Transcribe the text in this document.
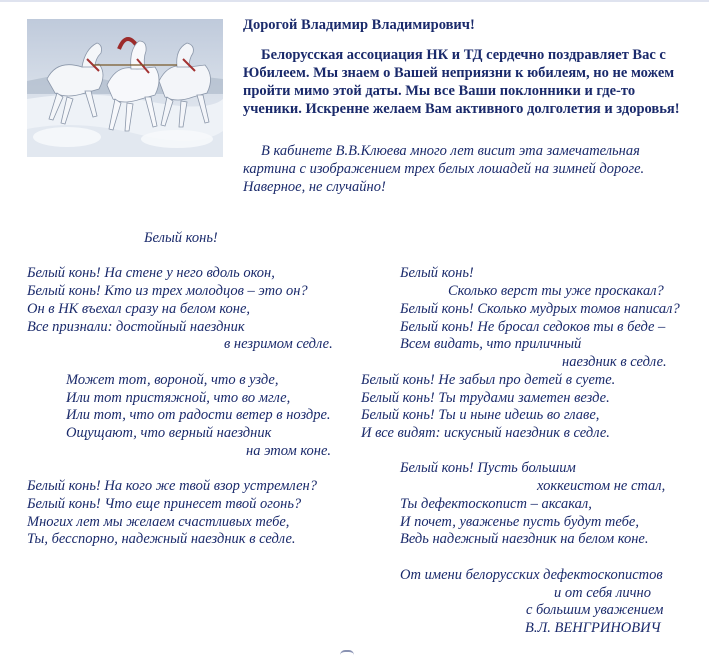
Дорогой Владимир Владимирович!

Белорусская ассоциация НК и ТД сердечно поздравляет Вас с Юбилеем. Мы знаем о Вашей неприязни к юбилеям, но не можем пройти мимо этой даты. Мы все Ваши поклонники и где-то ученики. Искренне желаем Вам активного долголетия и здоровья!

В кабинете В.В.Клюева много лет висит эта замечательная картина с изображением трех белых лошадей на зимней дороге. Наверное, не случайно!

Белый конь!
Белый конь! На стене у него вдоль окон,
Белый конь! Кто из трех молодцов – это он?
Он в НК въехал сразу на белом коне,
Все признали: достойный наездник
в незримом седле.
Может тот, вороной, что в узде,
Или тот пристяжной, что во мгле,
Или тот, что от радости ветер в ноздре.
Ощущают, что верный наездник
на этом коне.
Белый конь! На кого же твой взор устремлен?
Белый конь! Что еще принесет твой огонь?
Многих лет мы желаем счастливых тебе,
Ты, бесспорно, надежный наездник в седле.
Белый конь!
Сколько верст ты уже проскакал?
Белый конь! Сколько мудрых томов написал?
Белый конь! Не бросал седоков ты в беде –
Всем видать, что приличный
наездник в седле.
Белый конь! Не забыл про детей в суете.
Белый конь! Ты трудами заметен везде.
Белый конь! Ты и ныне идешь во главе,
И все видят: искусный наездник в седле.
Белый конь! Пусть большим
хоккеистом не стал,
Ты дефектоскопист – аксакал,
И почет, уваженье пусть будут тебе,
Ведь надежный наездник на белом коне.
От имени белорусских дефектоскопистов
и от себя лично
с большим уважением
В.Л. ВЕНГРИНОВИЧ
